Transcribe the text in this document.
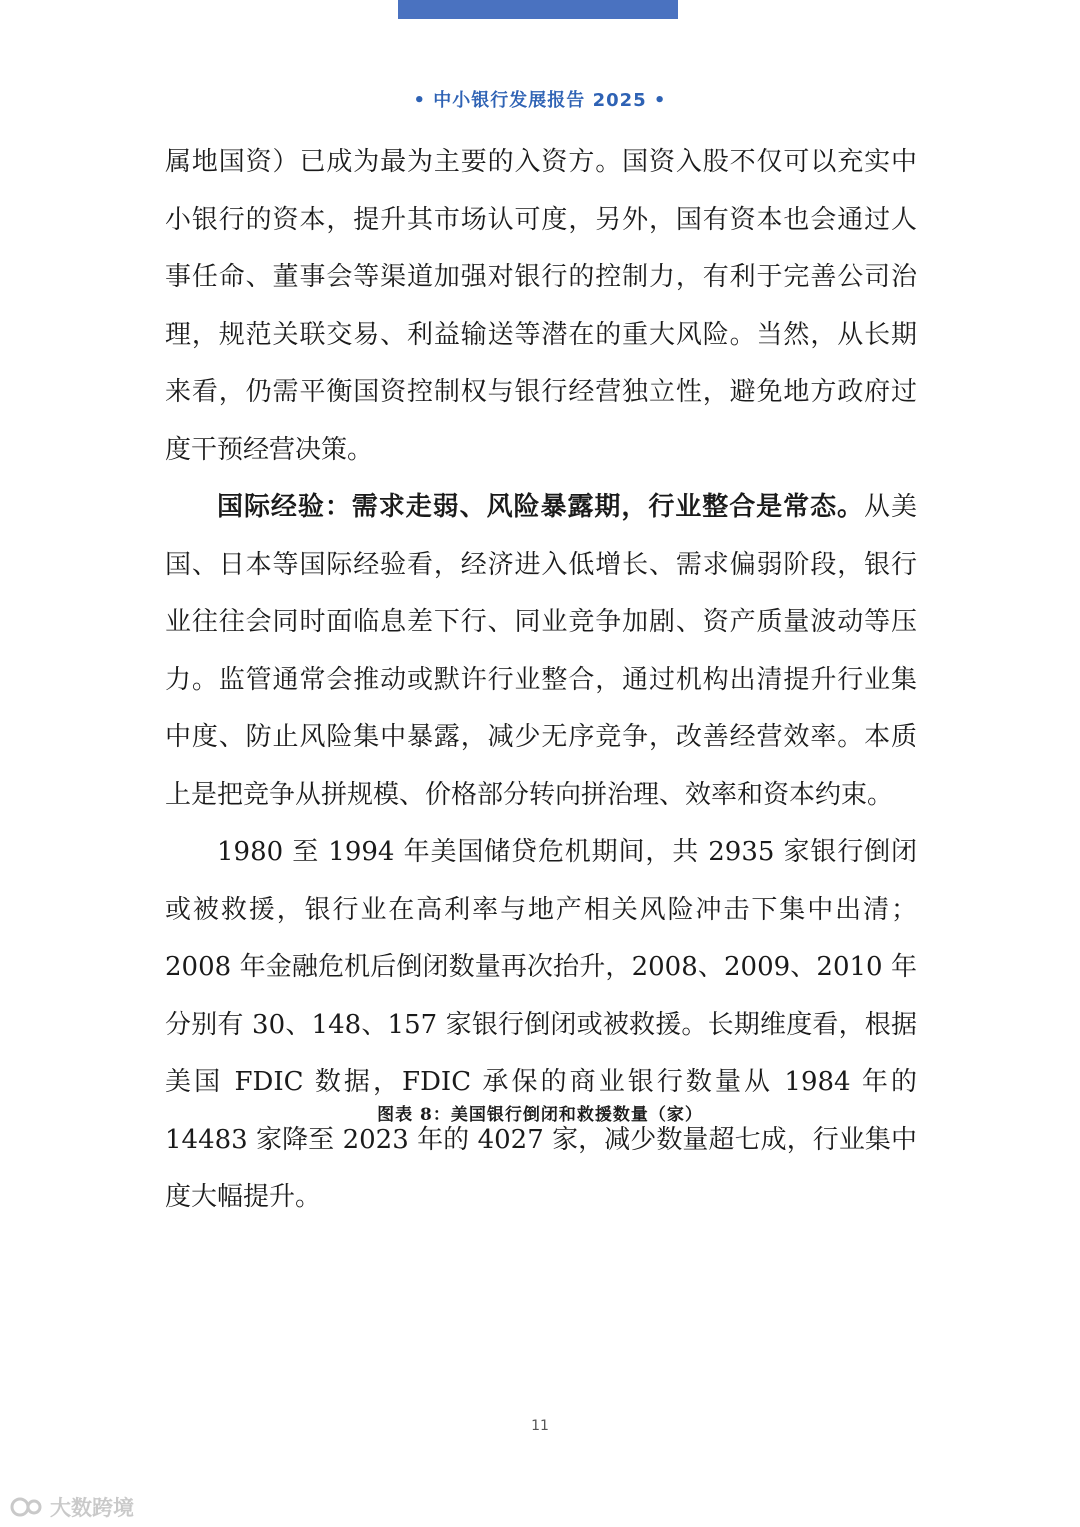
• 中小银行发展报告 2025 •

属地国资）已成为最为主要的入资方。国资入股不仅可以充实中小银行的资本，提升其市场认可度，另外，国有资本也会通过人事任命、董事会等渠道加强对银行的控制力，有利于完善公司治理，规范关联交易、利益输送等潜在的重大风险。当然，从长期来看，仍需平衡国资控制权与银行经营独立性，避免地方政府过度干预经营决策。

国际经验：需求走弱、风险暴露期，行业整合是常态。从美国、日本等国际经验看，经济进入低增长、需求偏弱阶段，银行业往往会同时面临息差下行、同业竞争加剧、资产质量波动等压力。监管通常会推动或默许行业整合，通过机构出清提升行业集中度、防止风险集中暴露，减少无序竞争，改善经营效率。本质上是把竞争从拼规模、价格部分转向拼治理、效率和资本约束。

1980 至 1994 年美国储贷危机期间，共 2935 家银行倒闭或被救援，银行业在高利率与地产相关风险冲击下集中出清；2008 年金融危机后倒闭数量再次抬升，2008、2009、2010 年分别有 30、148、157 家银行倒闭或被救援。长期维度看，根据美国 FDIC 数据，FDIC 承保的商业银行数量从 1984 年的 14483 家降至 2023 年的 4027 家，减少数量超七成，行业集中度大幅提升。

图表 8：美国银行倒闭和救援数量（家）
11
大数跨境
